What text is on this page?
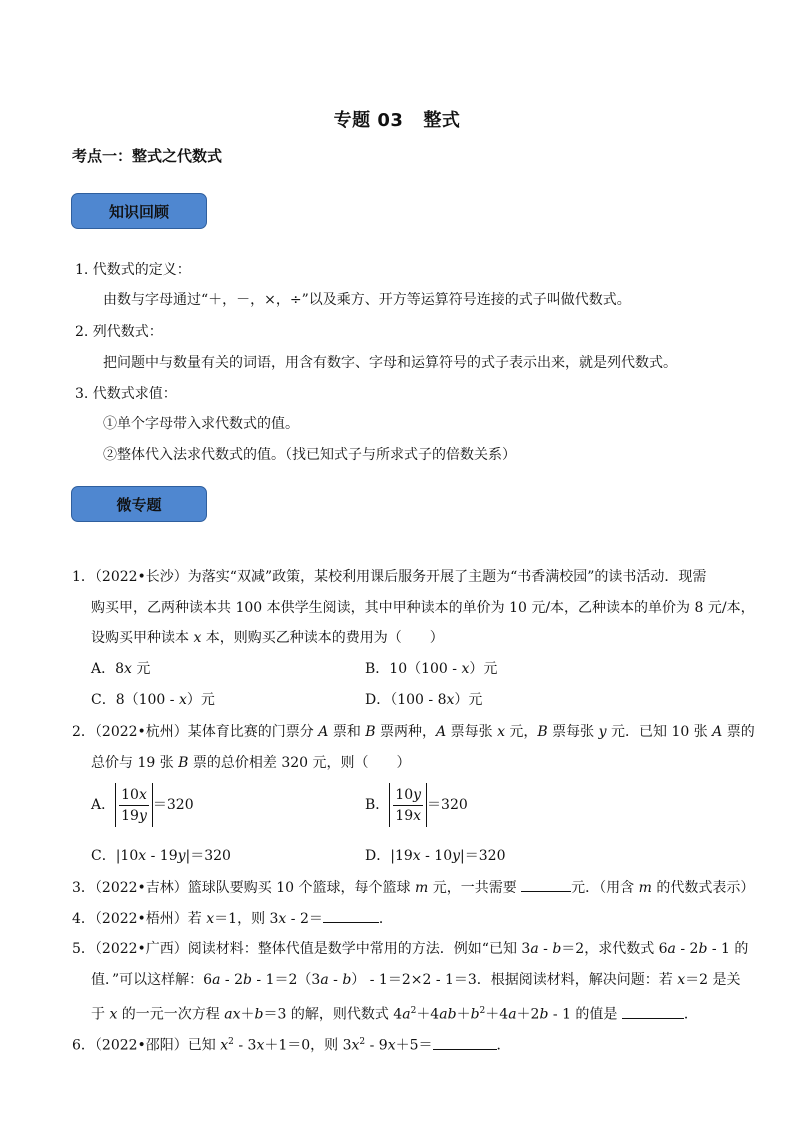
专题 03 整式
考点一：整式之代数式
知识回顾
1. 代数式的定义：
由数与字母通过“＋，－，×，÷”以及乘方、开方等运算符号连接的式子叫做代数式。
2. 列代数式：
把问题中与数量有关的词语，用含有数字、字母和运算符号的式子表示出来，就是列代数式。
3. 代数式求值：
①单个字母带入求代数式的值。
②整体代入法求代数式的值。（找已知式子与所求式子的倍数关系）
微专题
1．（2022•长沙）为落实“双减”政策，某校利用课后服务开展了主题为“书香满校园”的读书活动．现需
购买甲，乙两种读本共 100 本供学生阅读，其中甲种读本的单价为 10 元/本，乙种读本的单价为 8 元/本，
设购买甲种读本 x 本，则购买乙种读本的费用为（　　）
A．8x 元	B．10（100 - x）元
C．8（100 - x）元	D．（100 - 8x）元
2．（2022•杭州）某体育比赛的门票分 A 票和 B 票两种，A 票每张 x 元，B 票每张 y 元．已知 10 张 A 票的
总价与 19 张 B 票的总价相差 320 元，则（　　）
A． $\frac{10x}{19y} =320$	B． $\frac{10y}{19x} =320$
C．|10x - 19y|＝320	D．|19x - 10y|＝320
3．（2022•吉林）篮球队要购买 10 个篮球，每个篮球 m 元，一共需要	元．（用含 m 的代数式表示）
4．（2022•梧州）若 x＝1，则 3x - 2＝	．
5．（2022•广西）阅读材料：整体代值是数学中常用的方法．例如“已知 3a - b＝2，求代数式 6a - 2b - 1 的
值．”可以这样解：6a - 2b - 1＝2（3a - b） - 1＝2×2 - 1＝3．根据阅读材料，解决问题：若 x＝2 是关
于 x 的一元一次方程 ax＋b＝3 的解，则代数式 $4a^2+4ab+b^2+4a+2b - 1$ 的值是	．
6．（2022•邵阳）已知 $x^2 - 3x+1=0$，则 $3x^2 - 9x+5=$	．
